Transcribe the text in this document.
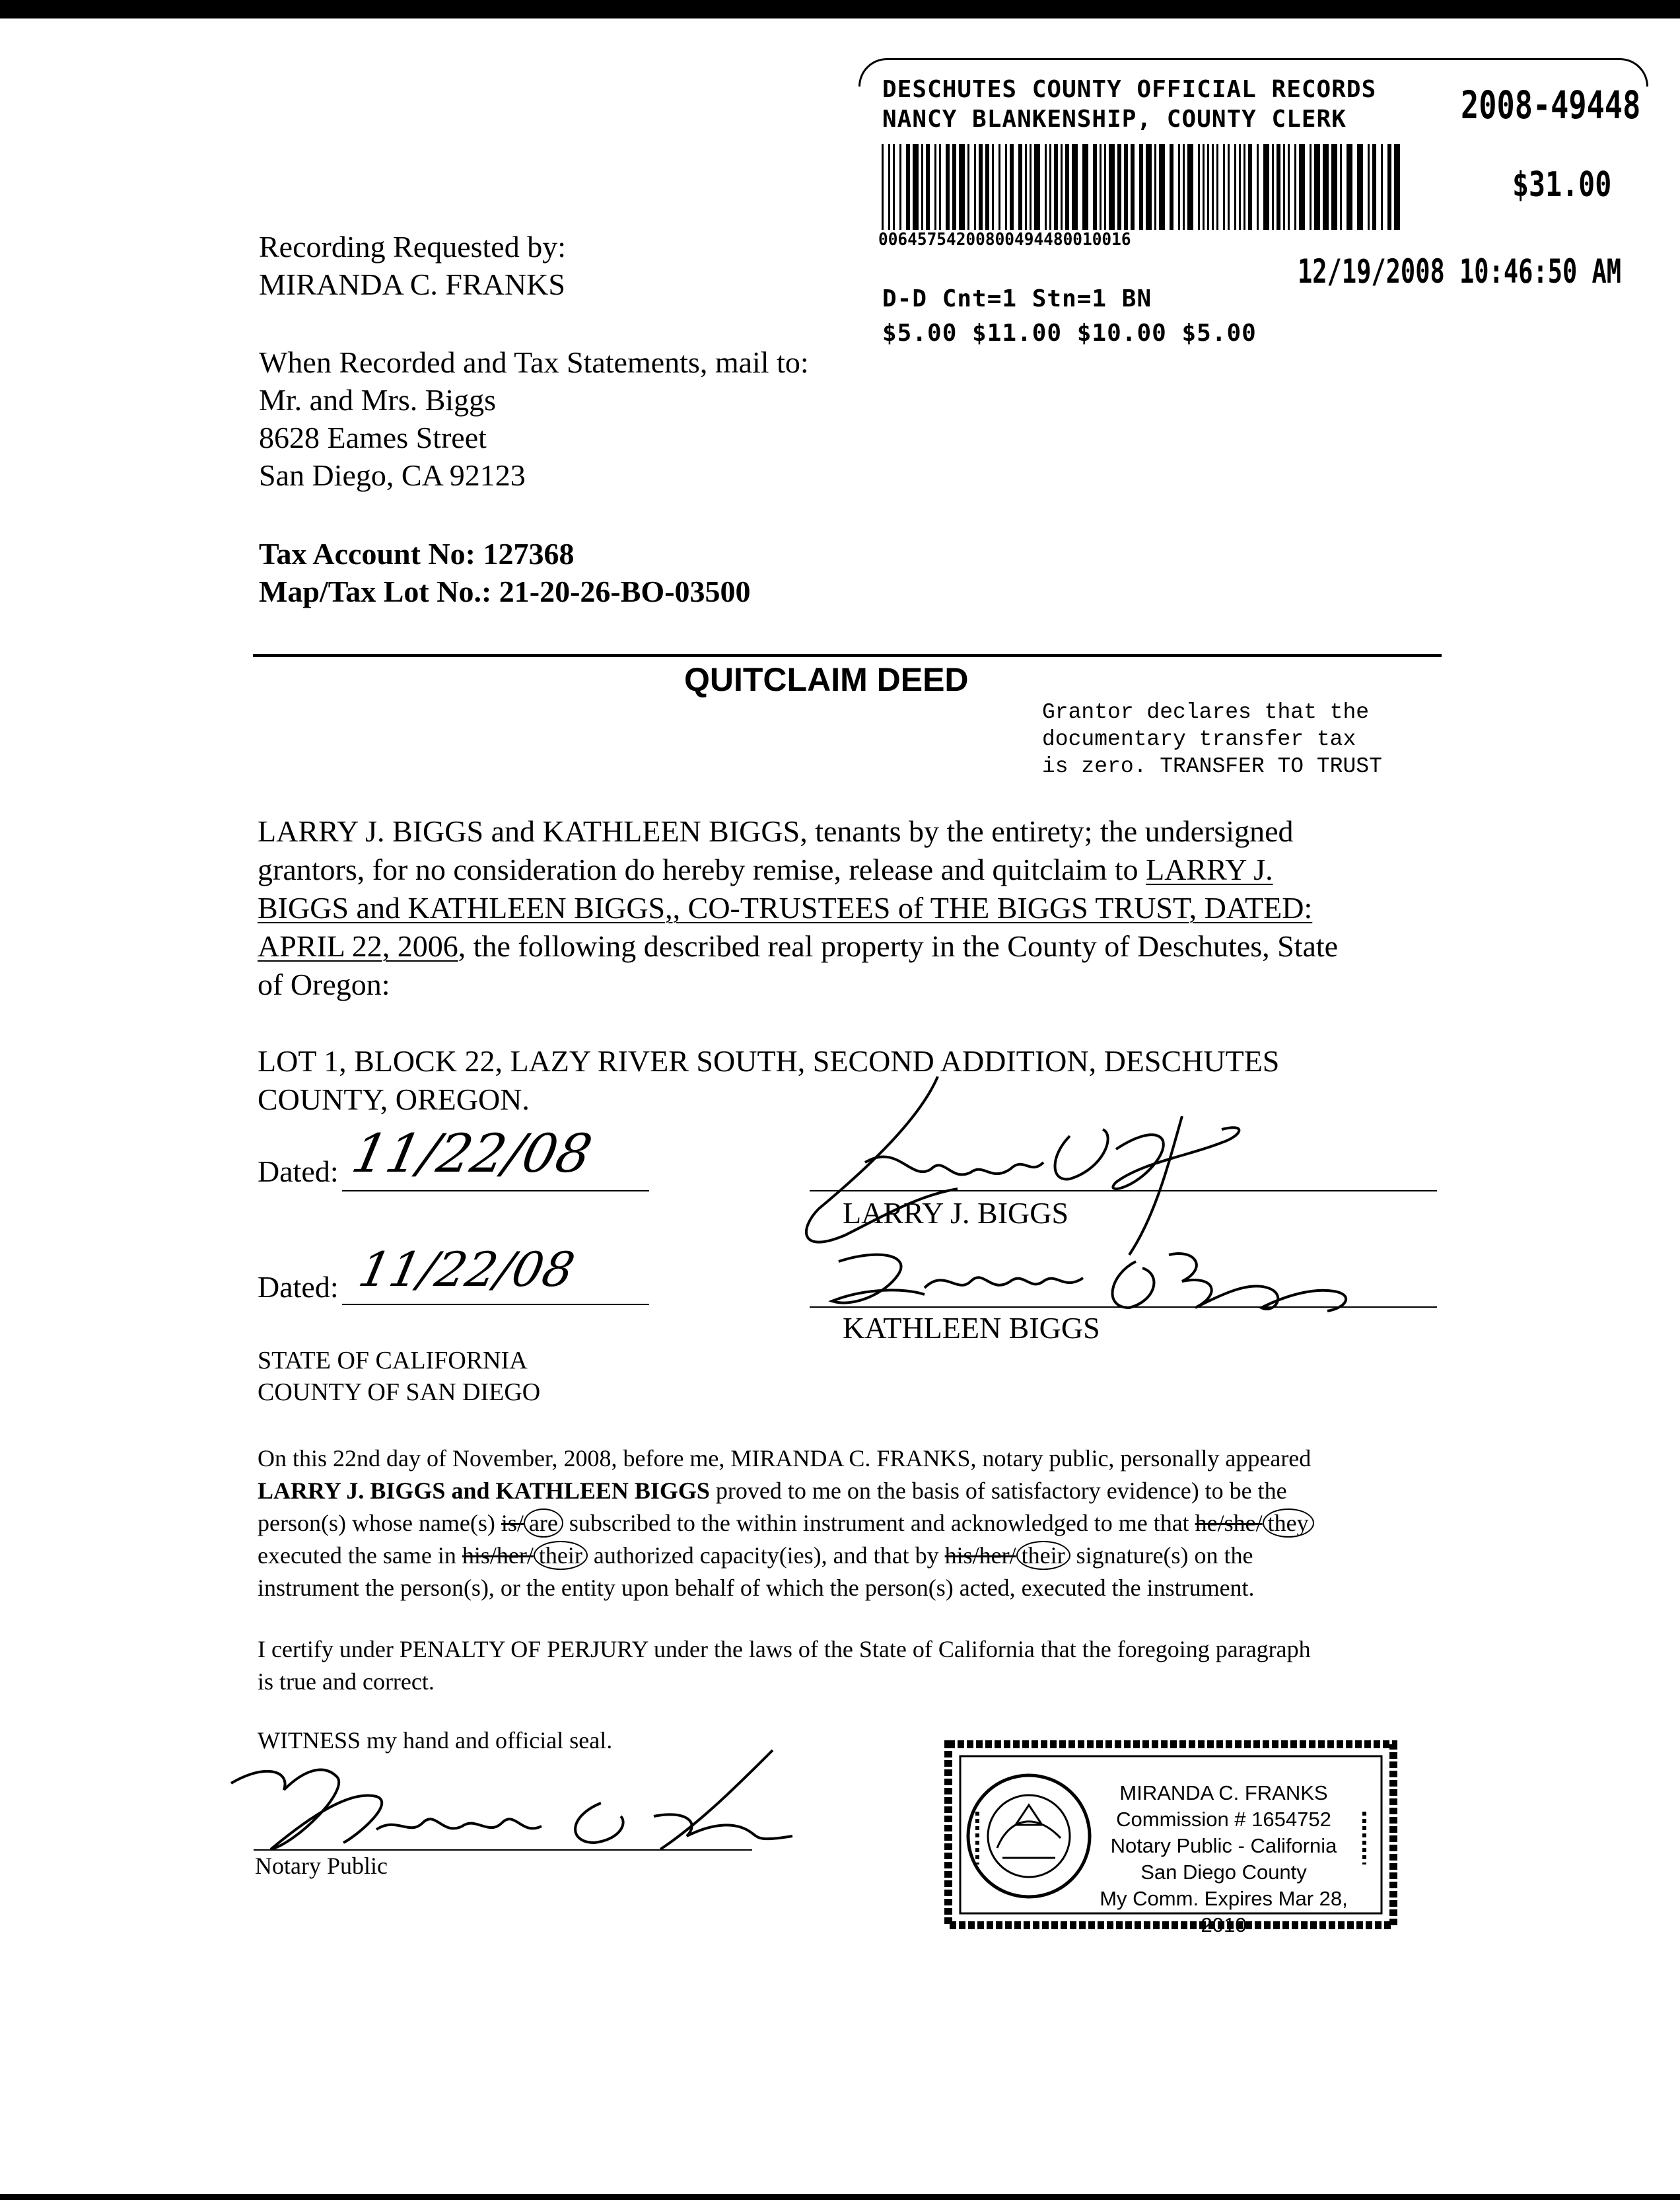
DESCHUTES COUNTY OFFICIAL RECORDS
NANCY BLANKENSHIP, COUNTY CLERK	2008-49448
$31.00
00645754200800494480010016
12/19/2008 10:46:50 AM
D-D Cnt=1 Stn=1 BN
$5.00 $11.00 $10.00 $5.00
Recording Requested by:
MIRANDA C. FRANKS
When Recorded and Tax Statements, mail to:
Mr. and Mrs. Biggs
8628 Eames Street
San Diego, CA 92123
Tax Account No: 127368
Map/Tax Lot No.: 21-20-26-BO-03500
QUITCLAIM DEED
Grantor declares that the
documentary transfer tax
is zero. TRANSFER TO TRUST
LARRY J. BIGGS and KATHLEEN BIGGS, tenants by the entirety; the undersigned
grantors, for no consideration do hereby remise, release and quitclaim to LARRY J.
BIGGS and KATHLEEN BIGGS,, CO-TRUSTEES of THE BIGGS TRUST, DATED:
APRIL 22, 2006, the following described real property in the County of Deschutes, State
of Oregon:
LOT 1, BLOCK 22, LAZY RIVER SOUTH, SECOND ADDITION, DESCHUTES
COUNTY, OREGON.
Dated: 11/22/08
LARRY J. BIGGS
Dated: 11/22/08
KATHLEEN BIGGS
STATE OF CALIFORNIA
COUNTY OF SAN DIEGO
On this 22nd day of November, 2008, before me, MIRANDA C. FRANKS, notary public, personally appeared
LARRY J. BIGGS and KATHLEEN BIGGS proved to me on the basis of satisfactory evidence) to be the
person(s) whose name(s) is/ are subscribed to the within instrument and acknowledged to me that he/she/ they
executed the same in his/her/ their authorized capacity(ies), and that by his/her/ their signature(s) on the
instrument the person(s), or the entity upon behalf of which the person(s) acted, executed the instrument.
I certify under PENALTY OF PERJURY under the laws of the State of California that the foregoing paragraph
is true and correct.
WITNESS my hand and official seal.
Notary Public
MIRANDA C. FRANKS
Commission # 1654752
Notary Public - California
San Diego County
My Comm. Expires Mar 28, 2010
